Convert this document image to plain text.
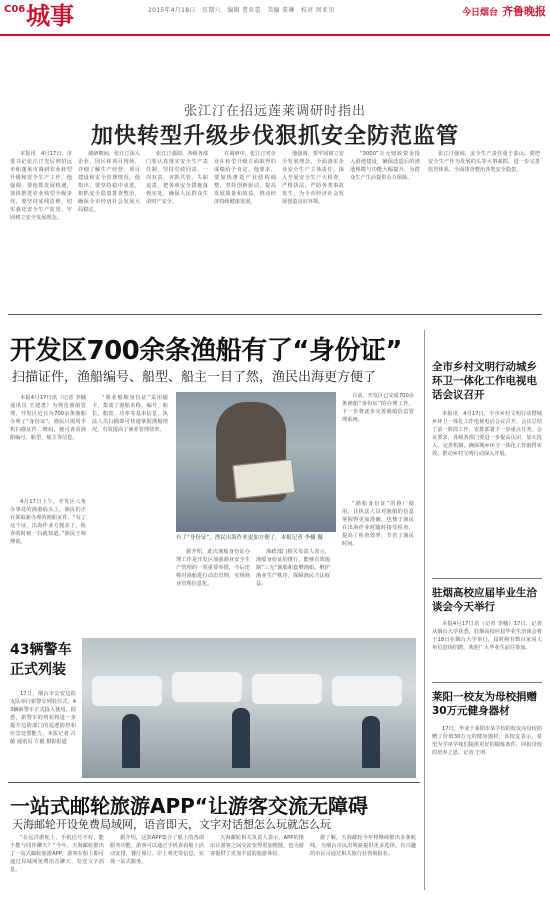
C06 城事	2015年4月18日　星期六　编辑 曹亚蕾　美编 董琳　校对 周亚男	今日烟台 齐鲁晚报
张江汀在招远莲莱调研时指出
加快转型升级步伐狠抓安全防范监管

本报讯　4月17日，市委书记张江汀先后到招远市和蓬莱市调研农业转型升级和安全生产工作。他强调，要抢抓发展机遇，加快推进农业转型升级步伐，要坚持底线思维，切实强化安全生产监管，牢固树立安全发展理念。

调研期间，张江汀深入企业、园区和项目现场，详细了解生产经营、项目建设和安全管理情况。他指出，要坚持稳中求进，狠抓安全隐患排查整治，确保全市经济社会发展大局稳定。

张江汀强调，各级各部门要认真落实安全生产责任制，坚持党政同责、一岗双责、齐抓共管、失职追责，把各项安全措施落到实处，确保人民群众生命财产安全。

在调研中，张江汀对企业在转型升级方面取得的成绩给予肯定。他要求，要加快推进产业结构调整，坚持创新驱动，提高发展质量和效益，推动经济持续健康发展。

他强调，要牢固树立安全发展理念，全面落实企业安全生产主体责任，深入开展安全生产大检查，严格执法，严防各类事故发生，为全市经济社会发展创造良好环境。

“3000”万元财政资金投入港池建设，确保改造后的港池规模与功能大幅提升，为群众生产生活提供有力保障。

张江汀强调，安全生产责任重于泰山。要把安全生产作为发展的头等大事来抓，进一步完善监管体系，全面排查整治各类安全隐患。

开发区700余条渔船有了“身份证”
扫描证件，渔船编号、船型、船主一目了然，渔民出海更方便了

本报4月17日讯（记者 李楠 通讯员 王建勇）为规范渔船管理，开发区近日为700余条渔船办理了“身份证”。渔民只需用手机扫描证件二维码，便可查看渔船编号、船型、船主等信息。

4月17日上午，开发区八角办事处的渔港码头上，渔民们正在领取新办理的渔船证件。“有了这个证，出海作业方便多了，检查的时候一扫就知道。”渔民王师傅说。

“渔业船舶身份证”采用磁卡，集成了渔船名称、编号、船长、船宽、功率等基本信息，执法人员扫描即可快速掌握渔船情况，有效提高了渔业管理效率。

有了“身份证”，渔民出海作业更加方便了。本报记者 李楠 摄

据介绍，此次渔船身份证办理工作是开发区加强渔业安全生产管理的一项重要举措，今后还将对渔船进行动态管理，实现渔业管理信息化。

渔政部门相关负责人表示，渔船身份证的推行，能够有效遏制“三无”渔船和套牌渔船，维护渔业生产秩序，保障渔民合法权益。

“渔船身份证”的推广使用，让执法人员对渔船的信息掌握得更加准确，也便于渔民在出海作业时随时接受检查，提高了检查效率，节省了渔民时间。

目前，开发区已完成700余条渔船“身份证”的办理工作，下一步将逐步完善渔船信息管理系统。

全市乡村文明行动城乡环卫一体化工作电视电话会议召开

本报讯　4月17日，全市乡村文明行动暨城乡环卫一体化工作电视电话会议召开。会议总结了前一阶段工作，安排部署下一步重点任务。会议要求，各级各部门要进一步提高认识，加大投入，完善机制，确保城乡环卫一体化工作取得实效，推动乡村文明行动深入开展。

驻烟高校应届毕业生洽谈会今天举行

本报4月17日讯（记者 李楠）17日，记者从烟台大学获悉，驻烟高校应届毕业生洽谈会将于18日在烟台大学举行，届时将有数百家用人单位进场招聘，欢迎广大毕业生前往参加。

莱阳一校友为母校捐赠30万元健身器材

17日，毕业于莱阳市某学校的校友向母校捐赠了价值30万元的健身器材。该校友表示，希望为学弟学妹们提供更好的锻炼条件，回报母校的培养之恩。记者 王明

43辆警车正式列装

17日，烟台市公安边防支队举行新警车列装仪式，43辆新警车正式投入使用。据悉，新警车的列装将进一步提升边防部门的巡逻防控和应急处置能力。本报记者 吕敏 通讯员 方毅 摄影报道

一站式邮轮旅游APP“让游客交流无障碍
天海邮轮开设免费局域网，语音即天，文字对话想怎么玩就怎么玩

“在远洋游轮上，手机信号不好，能不能与同伴聊天？”今年，天海邮轮推出了一站式邮轮旅游APP，游客在船上即可通过局域网免费语音聊天、发送文字消息。

据介绍，这款APP集合了船上的各项服务功能，游客可以通过手机查看船上活动安排、餐厅预订、岸上观光等信息，实现一站式服务。

天海邮轮相关负责人表示，APP的推出让游客之间交流变得更加便捷，也为游客提供了更加丰富的旅游体验。

据了解，天海邮轮今年将继续推出多条航线，为烟台市民出境游提供更多选择。有兴趣的市民可通过相关旅行社咨询报名。
